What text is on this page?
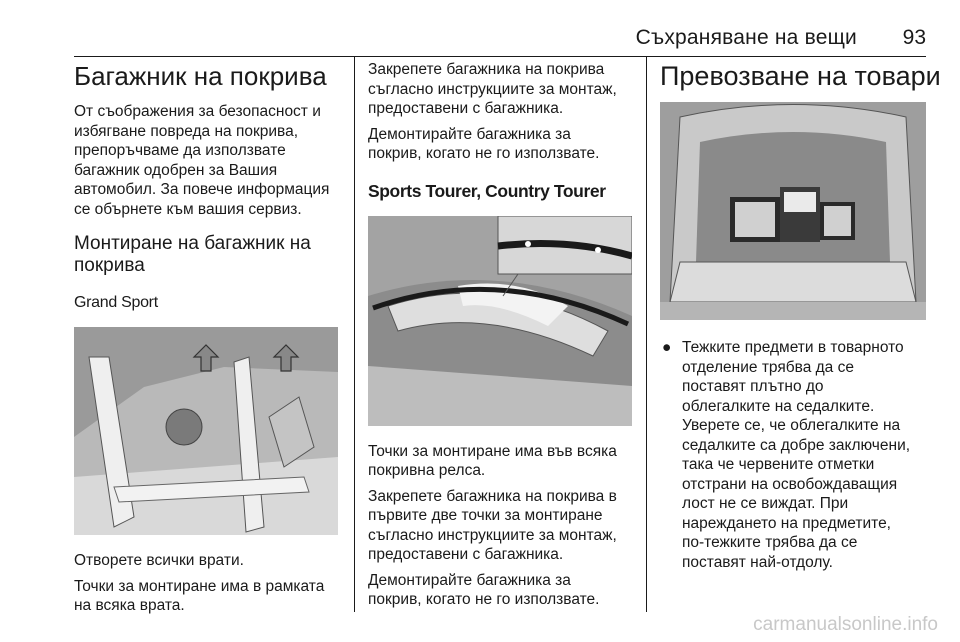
Съхраняване на вещи 93
Багажник на покрива

От съображения за безопасност и
избягване повреда на покрива,
препоръчваме да използвате
багажник одобрен за Вашия
автомобил. За повече информация
се обърнете към вашия сервиз.

Монтиране на багажник на
покрива
Grand Sport

Отворете всички врати.

Точки за монтиране има в рамката
на всяка врата.

Закрепете багажника на покрива
съгласно инструкциите за монтаж,
предоставени с багажника.

Демонтирайте багажника за
покрив, когато не го използвате.

Sports Tourer, Country Tourer

Точки за монтиране има във всяка
покривна релса.

Закрепете багажника на покрива в
първите две точки за монтиране
съгласно инструкциите за монтаж,
предоставени с багажника.

Демонтирайте багажника за
покрив, когато не го използвате.

Превозване на товари
● Тежките предмети в товарното
отделение трябва да се
поставят плътно до
облегалките на седалките.
Уверете се, че облегалките на
седалките са добре заключени,
така че червените отметки
отстрани на освобождаващия
лост не се виждат. При
нареждането на предметите,
по-тежките трябва да се
поставят най-отдолу.

carmanualsonline.info
